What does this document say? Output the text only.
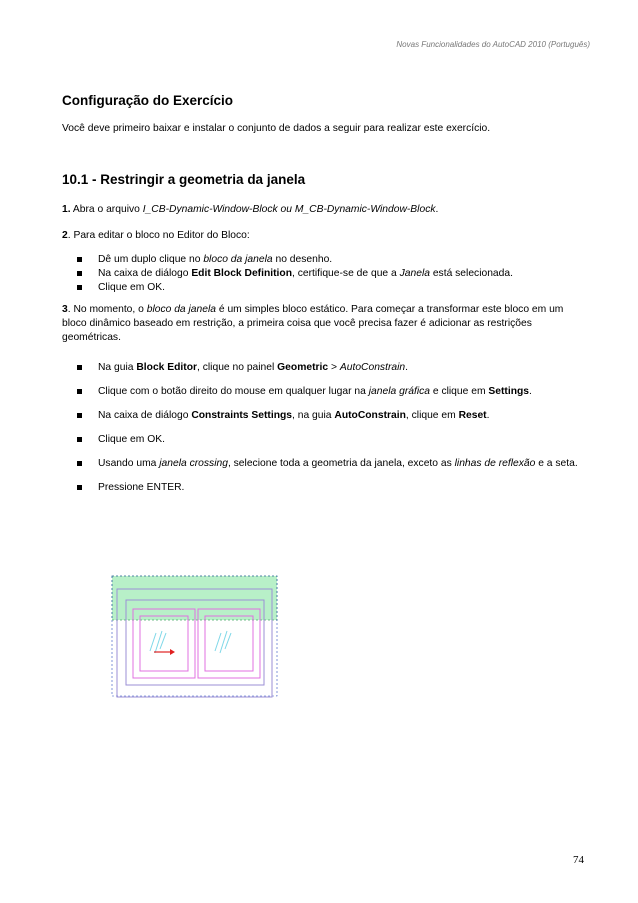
Novas Funcionalidades do AutoCAD 2010 (Português)
Configuração do Exercício

Você deve primeiro baixar e instalar o conjunto de dados a seguir para realizar este exercício.

10.1 - Restringir a geometria da janela

1. Abra o arquivo I_CB-Dynamic-Window-Block ou M_CB-Dynamic-Window-Block.

2. Para editar o bloco no Editor do Bloco:

Dê um duplo clique no bloco da janela no desenho.
Na caixa de diálogo Edit Block Definition, certifique-se de que a Janela está selecionada.
Clique em OK.

3. No momento, o bloco da janela é um simples bloco estático. Para começar a transformar este bloco em um bloco dinâmico baseado em restrição, a primeira coisa que você precisa fazer é adicionar as restrições geométricas.

Na guia Block Editor, clique no painel Geometric > AutoConstrain.
Clique com o botão direito do mouse em qualquer lugar na janela gráfica e clique em Settings.
Na caixa de diálogo Constraints Settings, na guia AutoConstrain, clique em Reset.
Clique em OK.
Usando uma janela crossing, selecione toda a geometria da janela, exceto as linhas de reflexão e a seta.
Pressione ENTER.
74
